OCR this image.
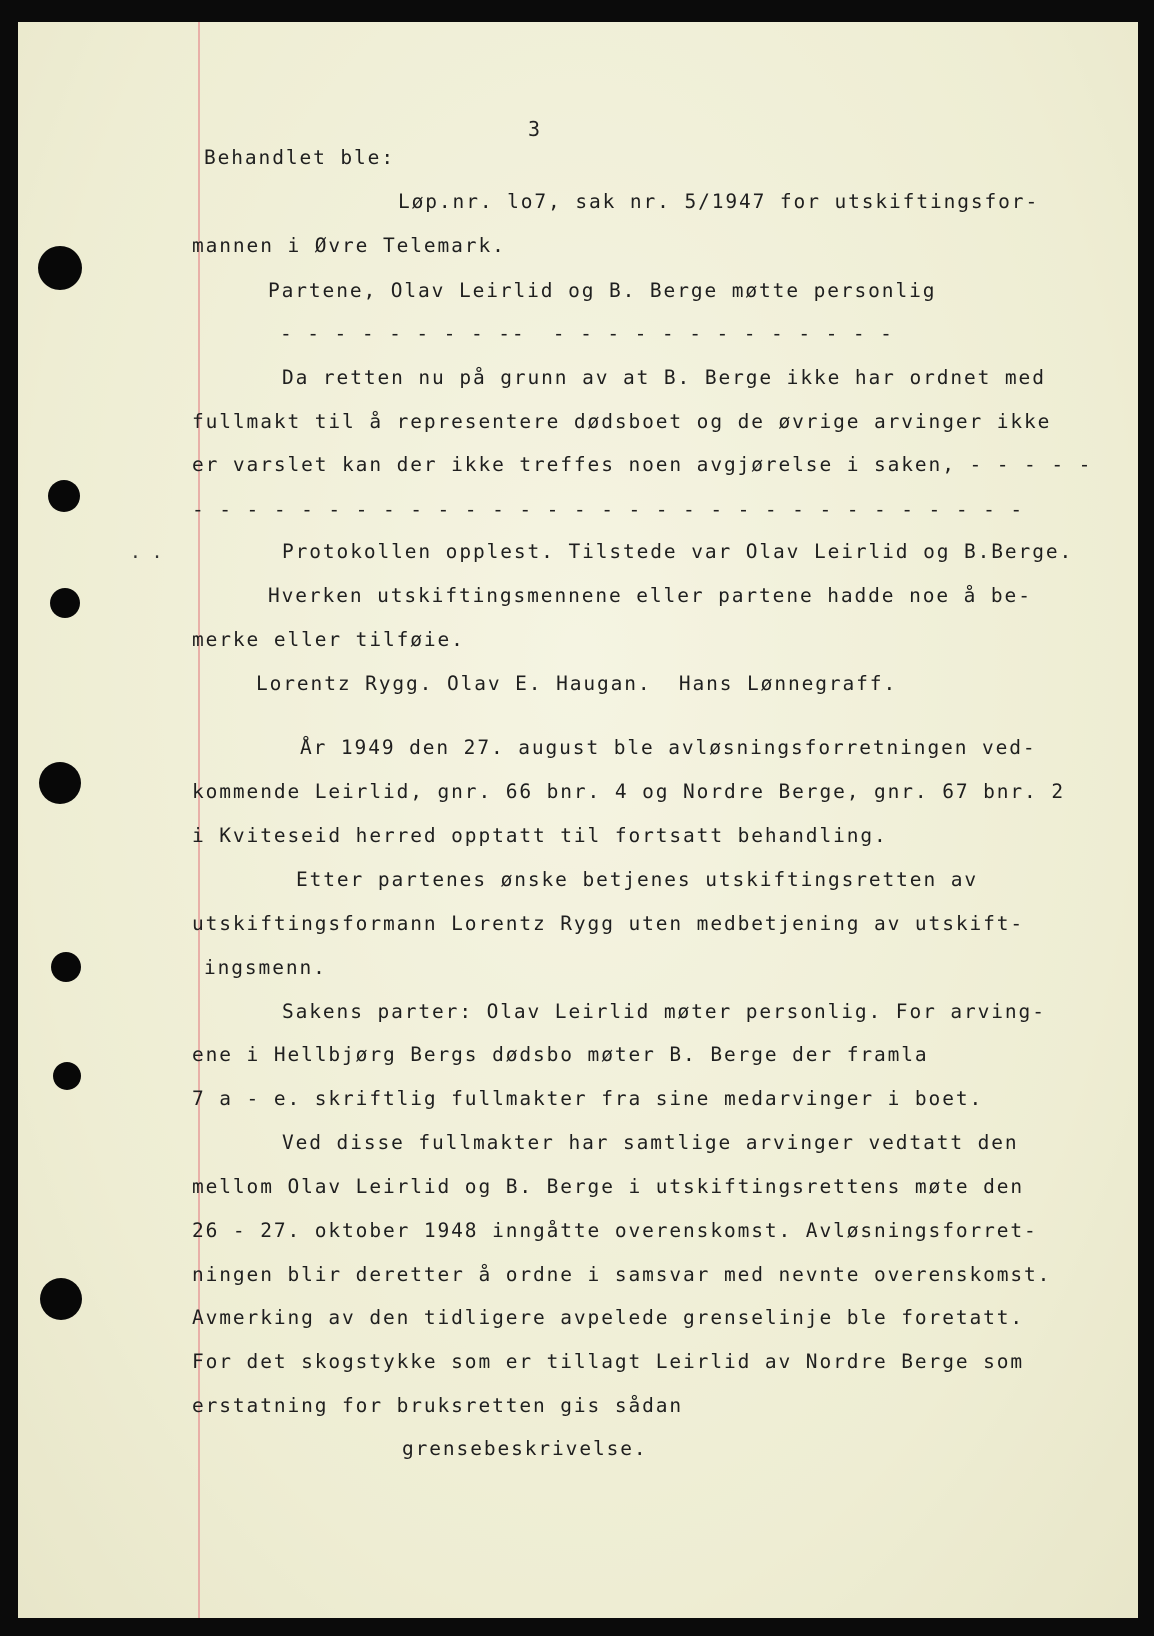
. .

3

Behandlet ble:

Løp.nr. lo7, sak nr. 5/1947 for utskiftingsfor-

mannen i Øvre Telemark.

Partene, Olav Leirlid og B. Berge møtte personlig

- - - - - - - - --  - - - - - - - - - - - - -

Da retten nu på grunn av at B. Berge ikke har ordnet med

fullmakt til å representere dødsboet og de øvrige arvinger ikke

er varslet kan der ikke treffes noen avgjørelse i saken, - - - - -

- - - - - - - - - - - - - - - - - - - - - - - - - - - - - - -

Protokollen opplest. Tilstede var Olav Leirlid og B.Berge.

Hverken utskiftingsmennene eller partene hadde noe å be-

merke eller tilføie.

Lorentz Rygg. Olav E. Haugan.  Hans Lønnegraff.

År 1949 den 27. august ble avløsningsforretningen ved-

kommende Leirlid, gnr. 66 bnr. 4 og Nordre Berge, gnr. 67 bnr. 2

i Kviteseid herred opptatt til fortsatt behandling.

Etter partenes ønske betjenes utskiftingsretten av

utskiftingsformann Lorentz Rygg uten medbetjening av utskift-

ingsmenn.

Sakens parter: Olav Leirlid møter personlig. For arving-

ene i Hellbjørg Bergs dødsbo møter B. Berge der framla

7 a - e. skriftlig fullmakter fra sine medarvinger i boet.

Ved disse fullmakter har samtlige arvinger vedtatt den

mellom Olav Leirlid og B. Berge i utskiftingsrettens møte den

26 - 27. oktober 1948 inngåtte overenskomst. Avløsningsforret-

ningen blir deretter å ordne i samsvar med nevnte overenskomst.

Avmerking av den tidligere avpelede grenselinje ble foretatt.

For det skogstykke som er tillagt Leirlid av Nordre Berge som

erstatning for bruksretten gis sådan

grensebeskrivelse.
